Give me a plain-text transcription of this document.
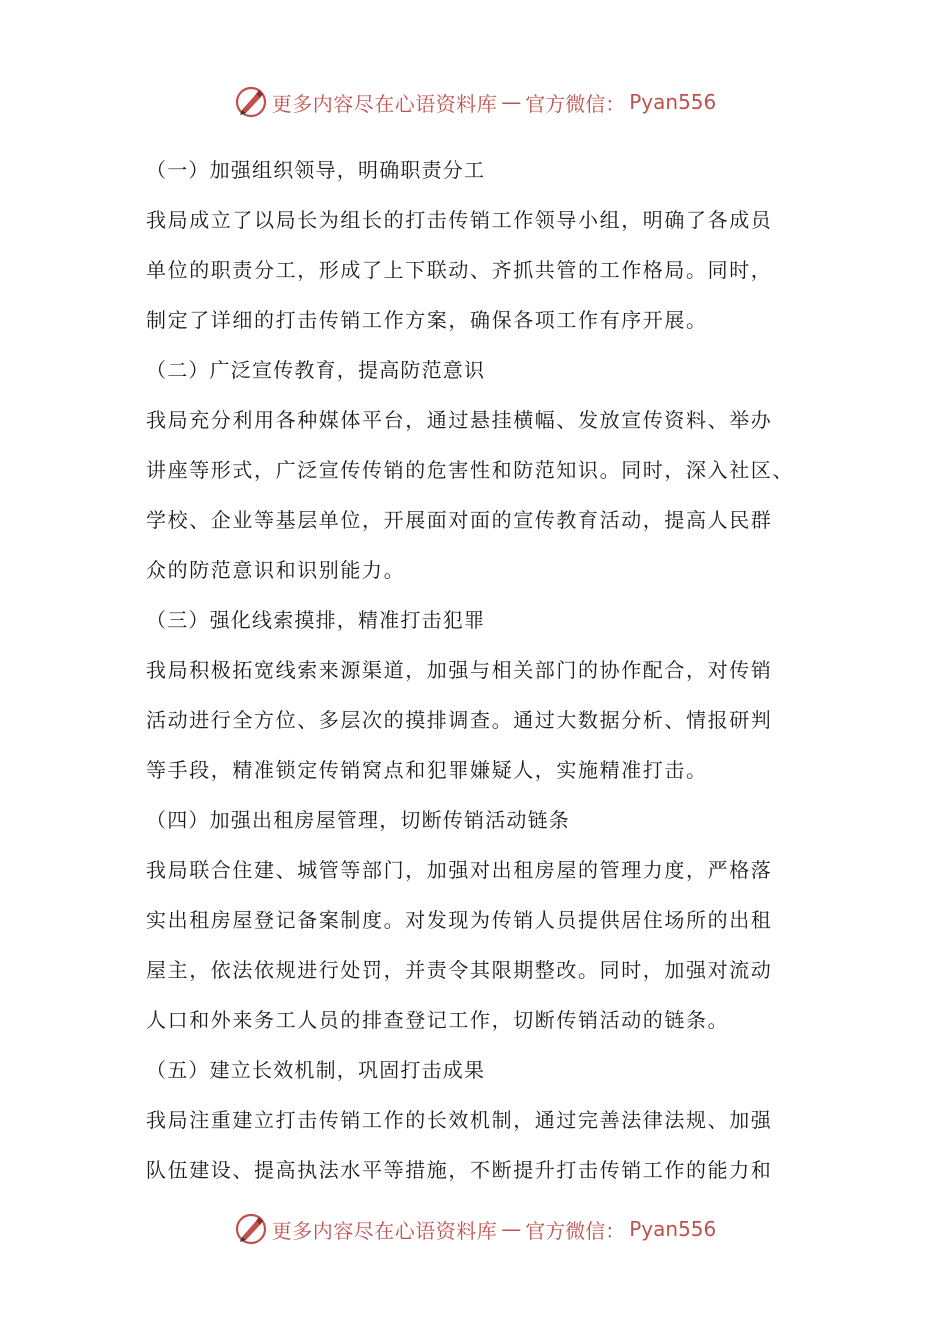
更多内容尽在心语资料库 — 官方微信： Pyan556
（一）加强组织领导，明确职责分工
我局成立了以局长为组长的打击传销工作领导小组，明确了各成员
单位的职责分工，形成了上下联动、齐抓共管的工作格局。同时，
制定了详细的打击传销工作方案，确保各项工作有序开展。
（二）广泛宣传教育，提高防范意识
我局充分利用各种媒体平台，通过悬挂横幅、发放宣传资料、举办
讲座等形式，广泛宣传传销的危害性和防范知识。同时，深入社区、
学校、企业等基层单位，开展面对面的宣传教育活动，提高人民群
众的防范意识和识别能力。
（三）强化线索摸排，精准打击犯罪
我局积极拓宽线索来源渠道，加强与相关部门的协作配合，对传销
活动进行全方位、多层次的摸排调查。通过大数据分析、情报研判
等手段，精准锁定传销窝点和犯罪嫌疑人，实施精准打击。
（四）加强出租房屋管理，切断传销活动链条
我局联合住建、城管等部门，加强对出租房屋的管理力度，严格落
实出租房屋登记备案制度。对发现为传销人员提供居住场所的出租
屋主，依法依规进行处罚，并责令其限期整改。同时，加强对流动
人口和外来务工人员的排查登记工作，切断传销活动的链条。
（五）建立长效机制，巩固打击成果
我局注重建立打击传销工作的长效机制，通过完善法律法规、加强
队伍建设、提高执法水平等措施，不断提升打击传销工作的能力和
更多内容尽在心语资料库 — 官方微信： Pyan556
